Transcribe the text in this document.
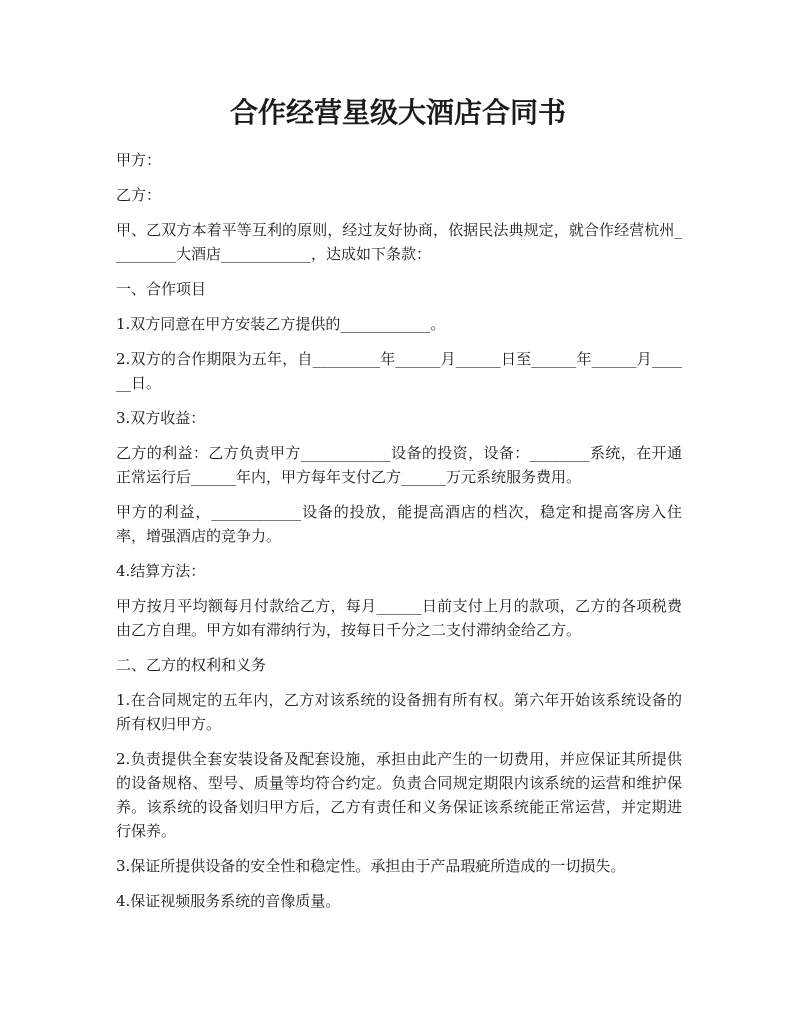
合作经营星级大酒店合同书

甲方：

乙方：

甲、乙双方本着平等互利的原则，经过友好协商，依据民法典规定，就合作经营杭州_________大酒店____________，达成如下条款：

一、合作项目

1.双方同意在甲方安装乙方提供的____________。

2.双方的合作期限为五年，自_________年______月______日至______年______月______日。

3.双方收益：

乙方的利益：乙方负责甲方____________设备的投资，设备：________系统，在开通正常运行后______年内，甲方每年支付乙方______万元系统服务费用。

甲方的利益，____________设备的投放，能提高酒店的档次，稳定和提高客房入住率，增强酒店的竞争力。

4.结算方法：

甲方按月平均额每月付款给乙方，每月______日前支付上月的款项，乙方的各项税费由乙方自理。甲方如有滞纳行为，按每日千分之二支付滞纳金给乙方。

二、乙方的权利和义务

1.在合同规定的五年内，乙方对该系统的设备拥有所有权。第六年开始该系统设备的所有权归甲方。

2.负责提供全套安装设备及配套设施，承担由此产生的一切费用，并应保证其所提供的设备规格、型号、质量等均符合约定。负责合同规定期限内该系统的运营和维护保养。该系统的设备划归甲方后，乙方有责任和义务保证该系统能正常运营，并定期进行保养。

3.保证所提供设备的安全性和稳定性。承担由于产品瑕疵所造成的一切损失。

4.保证视频服务系统的音像质量。
